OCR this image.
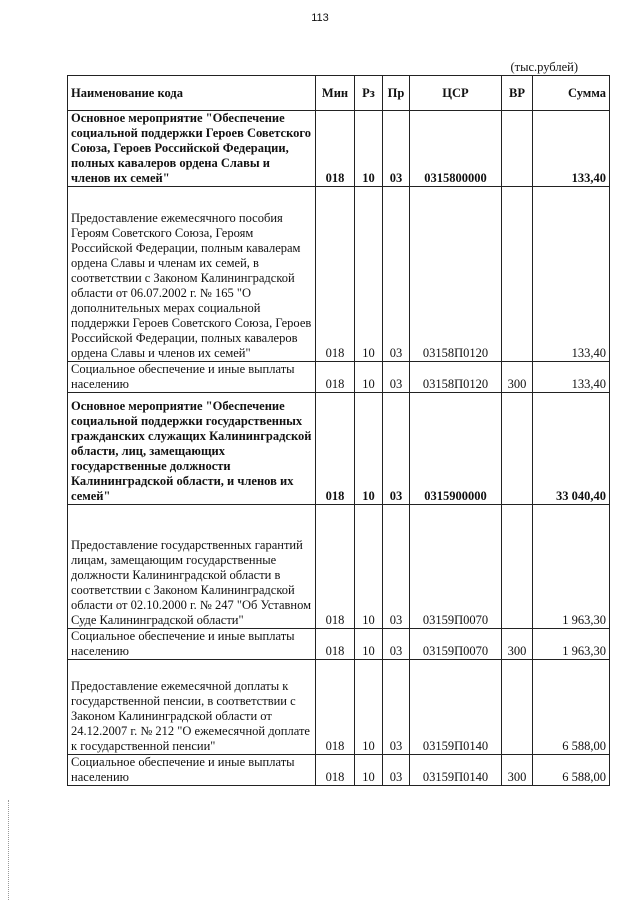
113
(тыс.рублей)
Наименование кода	Мин	Рз	Пр	ЦСР	ВР	Сумма
Основное мероприятие "Обеспечение социальной поддержки Героев Советского Союза, Героев Российской Федерации, полных кавалеров ордена Славы и членов их семей"	018	10	03	0315800000		133,40
Предоставление ежемесячного пособия Героям Советского Союза, Героям Российской Федерации, полным кавалерам ордена Славы и членам их семей, в соответствии с Законом Калининградской области от 06.07.2002 г. № 165 "О дополнительных мерах социальной поддержки Героев Советского Союза, Героев Российской Федерации, полных кавалеров ордена Славы и членов их семей"	018	10	03	03158П0120		133,40
Социальное обеспечение и иные выплаты населению	018	10	03	03158П0120	300	133,40
Основное мероприятие "Обеспечение социальной поддержки государственных гражданских служащих Калининградской области, лиц, замещающих государственные должности Калининградской области, и членов их семей"	018	10	03	0315900000		33 040,40
Предоставление государственных гарантий лицам, замещающим государственные должности Калининградской области в соответствии с Законом Калининградской области от 02.10.2000 г. № 247 "Об Уставном Суде Калининградской области"	018	10	03	03159П0070		1 963,30
Социальное обеспечение и иные выплаты населению	018	10	03	03159П0070	300	1 963,30
Предоставление ежемесячной доплаты к государственной пенсии, в соответствии с Законом Калининградской области от 24.12.2007 г. № 212 "О ежемесячной доплате к государственной пенсии"	018	10	03	03159П0140		6 588,00
Социальное обеспечение и иные выплаты населению	018	10	03	03159П0140	300	6 588,00
